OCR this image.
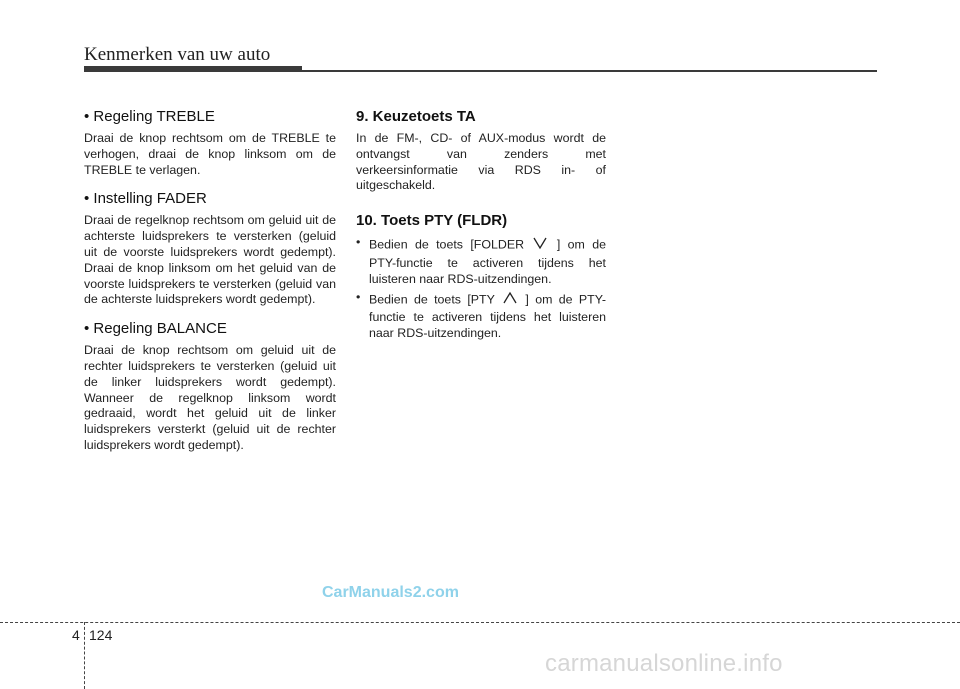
Kenmerken van uw auto
• Regeling TREBLE

Draai de knop rechtsom om de TREBLE te verhogen, draai de knop linksom om de TREBLE te verlagen.

• Instelling FADER

Draai de regelknop rechtsom om geluid uit de achterste luidsprekers te versterken (geluid uit de voorste luidsprekers wordt gedempt). Draai de knop linksom om het geluid van de voorste luidsprekers te versterken (geluid van de achterste luidsprekers wordt gedempt).

• Regeling BALANCE

Draai de knop rechtsom om geluid uit de rechter luidsprekers te versterken (geluid uit de linker luidsprekers wordt gedempt). Wanneer de regelknop linksom wordt gedraaid, wordt het geluid uit de linker luidsprekers versterkt (geluid uit de rechter luidsprekers wordt gedempt).

9. Keuzetoets TA

In de FM-, CD- of AUX-modus wordt de ontvangst van zenders met verkeersinformatie via RDS in- of uitgeschakeld.

10. Toets PTY (FLDR)
• Bedien de toets [FOLDER  ] om de PTY-functie te activeren tijdens het luisteren naar RDS-uitzendingen.
• Bedien de toets [PTY  ] om de PTY-functie te activeren tijdens het luisteren naar RDS-uitzendingen.
CarManuals2.com
4 124
carmanualsonline.info
